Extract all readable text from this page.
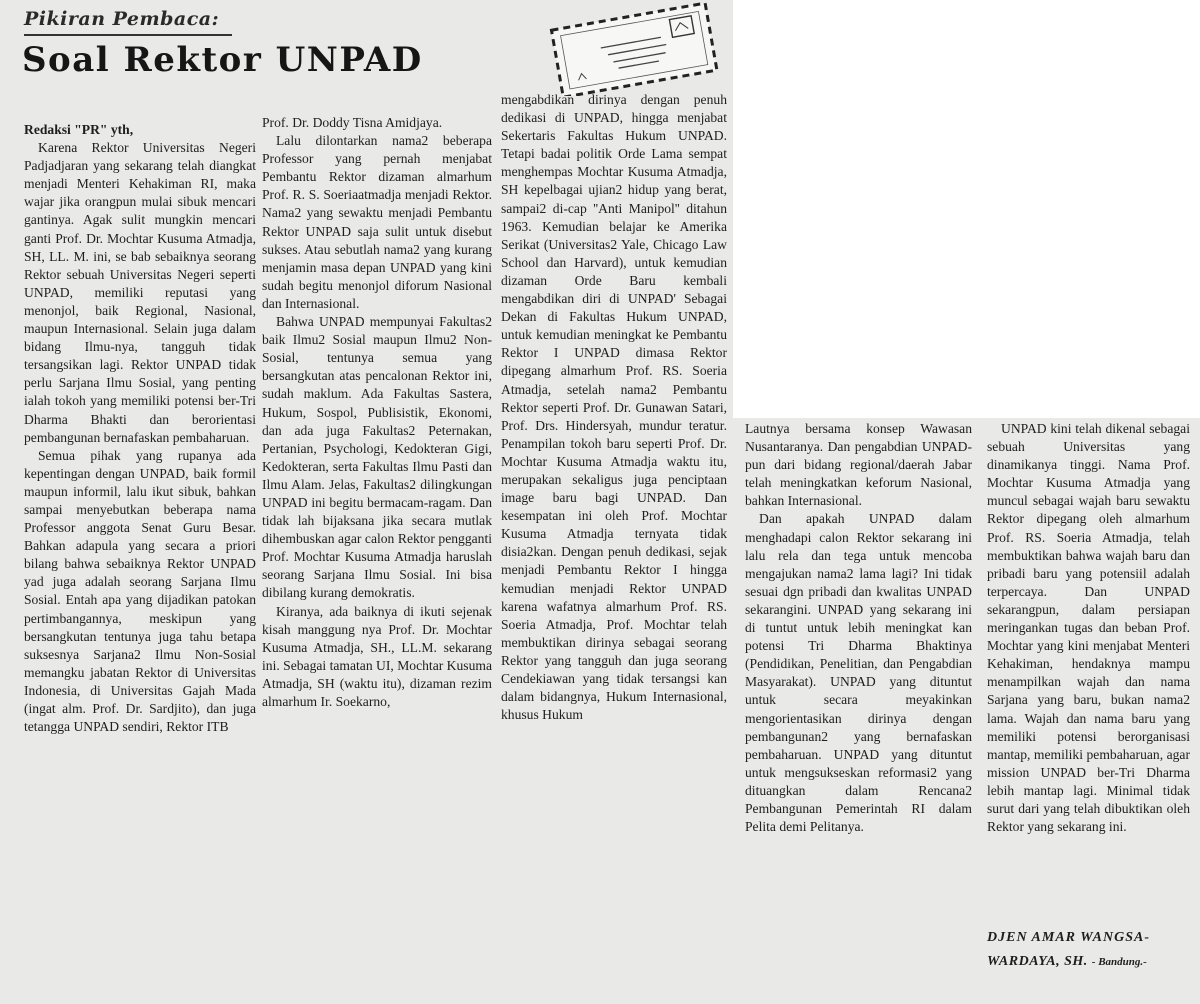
Pikiran Pembaca:
Soal Rektor UNPAD

Redaksi "PR" yth,

Karena Rektor Universitas Negeri Padjadjaran yang sekarang telah diangkat menjadi Menteri Kehakiman RI, maka wajar jika orangpun mulai sibuk mencari gantinya. Agak sulit mungkin mencari ganti Prof. Dr. Mochtar Kusuma Atmadja, SH, LL. M. ini, se bab sebaiknya seorang Rektor sebuah Universitas Negeri seperti UNPAD, memiliki reputasi yang menonjol, baik Regional, Nasional, maupun Internasional. Selain juga dalam bidang Ilmu-nya, tangguh tidak tersangsikan lagi. Rektor UNPAD tidak perlu Sarjana Ilmu Sosial, yang penting ialah tokoh yang memiliki potensi ber-Tri Dharma Bhakti dan berorientasi pembangunan bernafaskan pembaharuan.

Semua pihak yang rupanya ada kepentingan dengan UNPAD, baik formil maupun informil, lalu ikut sibuk, bahkan sampai menyebutkan beberapa nama Professor anggota Senat Guru Besar. Bahkan adapula yang secara a priori bilang bahwa sebaiknya Rektor UNPAD yad juga adalah seorang Sarjana Ilmu Sosial. Entah apa yang dijadikan patokan pertimbangannya, meskipun yang bersangkutan tentunya juga tahu betapa suksesnya Sarjana2 Ilmu Non-Sosial memangku jabatan Rektor di Universitas Indonesia, di Universitas Gajah Mada (ingat alm. Prof. Dr. Sardjito), dan juga tetangga UNPAD sendiri, Rektor ITB

Prof. Dr. Doddy Tisna Amidjaya.

Lalu dilontarkan nama2 beberapa Professor yang pernah menjabat Pembantu Rektor dizaman almarhum Prof. R. S. Soeriaatmadja menjadi Rektor. Nama2 yang sewaktu menjadi Pembantu Rektor UNPAD saja sulit untuk disebut sukses. Atau sebutlah nama2 yang kurang menjamin masa depan UNPAD yang kini sudah begitu menonjol diforum Nasional dan Internasional.

Bahwa UNPAD mempunyai Fakultas2 baik Ilmu2 Sosial maupun Ilmu2 Non-Sosial, tentunya semua yang bersangkutan atas pencalonan Rektor ini, sudah maklum. Ada Fakultas Sastera, Hukum, Sospol, Publisistik, Ekonomi, dan ada juga Fakultas2 Peternakan, Pertanian, Psychologi, Kedokteran Gigi, Kedokteran, serta Fakultas Ilmu Pasti dan Ilmu Alam. Jelas, Fakultas2 dilingkungan UNPAD ini begitu bermacam-ragam. Dan tidak lah bijaksana jika secara mutlak dihembuskan agar calon Rektor pengganti Prof. Mochtar Kusuma Atmadja haruslah seorang Sarjana Ilmu Sosial. Ini bisa dibilang kurang demokratis.

Kiranya, ada baiknya di ikuti sejenak kisah manggung nya Prof. Dr. Mochtar Kusuma Atmadja, SH., LL.M. sekarang ini. Sebagai tamatan UI, Mochtar Kusuma Atmadja, SH (waktu itu), dizaman rezim almarhum Ir. Soekarno,

mengabdikan dirinya dengan penuh dedikasi di UNPAD, hingga menjabat Sekertaris Fakultas Hukum UNPAD. Tetapi badai politik Orde Lama sempat menghempas Mochtar Kusuma Atmadja, SH kepelbagai ujian2 hidup yang berat, sampai2 di-cap ''Anti Manipol'' ditahun 1963. Kemudian belajar ke Amerika Serikat (Universitas2 Yale, Chicago Law School dan Harvard), untuk kemudian dizaman Orde Baru kembali mengabdikan diri di UNPAD' Sebagai Dekan di Fakultas Hukum UNPAD, untuk kemudian meningkat ke Pembantu Rektor I UNPAD dimasa Rektor dipegang almarhum Prof. RS. Soeria Atmadja, setelah nama2 Pembantu Rektor seperti Prof. Dr. Gunawan Satari, Prof. Drs. Hindersyah, mundur teratur. Penampilan tokoh baru seperti Prof. Dr. Mochtar Kusuma Atmadja waktu itu, merupakan sekaligus juga penciptaan image baru bagi UNPAD. Dan kesempatan ini oleh Prof. Mochtar Kusuma Atmadja ternyata tidak disia2kan. Dengan penuh dedikasi, sejak menjadi Pembantu Rektor I hingga kemudian menjadi Rektor UNPAD karena wafatnya almarhum Prof. RS. Soeria Atmadja, Prof. Mochtar telah membuktikan dirinya sebagai seorang Rektor yang tangguh dan juga seorang Cendekiawan yang tidak tersangsi kan dalam bidangnya, Hukum Internasional, khusus Hukum

Lautnya bersama konsep Wawasan Nusantaranya. Dan pengabdian UNPAD-pun dari bidang regional/daerah Jabar telah meningkatkan keforum Nasional, bahkan Internasional.

Dan apakah UNPAD dalam menghadapi calon Rektor sekarang ini lalu rela dan tega untuk mencoba mengajukan nama2 lama lagi? Ini tidak sesuai dgn pribadi dan kwalitas UNPAD sekarangini. UNPAD yang sekarang ini di tuntut untuk lebih meningkat kan potensi Tri Dharma Bhaktinya (Pendidikan, Penelitian, dan Pengabdian Masyarakat). UNPAD yang dituntut untuk secara meyakinkan mengorientasikan dirinya dengan pembangunan2 yang bernafaskan pembaharuan. UNPAD yang dituntut untuk mengsukseskan reformasi2 yang dituangkan dalam Rencana2 Pembangunan Pemerintah RI dalam Pelita demi Pelitanya.

UNPAD kini telah dikenal sebagai sebuah Universitas yang dinamikanya tinggi. Nama Prof. Mochtar Kusuma Atmadja yang muncul sebagai wajah baru sewaktu Rektor dipegang oleh almarhum Prof. RS. Soeria Atmadja, telah membuktikan bahwa wajah baru dan pribadi baru yang potensiil adalah terpercaya. Dan UNPAD sekarangpun, dalam persiapan meringankan tugas dan beban Prof. Mochtar yang kini menjabat Menteri Kehakiman, hendaknya mampu menampilkan wajah dan nama Sarjana yang baru, bukan nama2 lama. Wajah dan nama baru yang memiliki potensi berorganisasi mantap, memiliki pembaharuan, agar mission UNPAD ber-Tri Dharma lebih mantap lagi. Minimal tidak surut dari yang telah dibuktikan oleh Rektor yang sekarang ini.

DJEN AMAR WANGSA-
WARDAYA, SH. - Bandung.-
